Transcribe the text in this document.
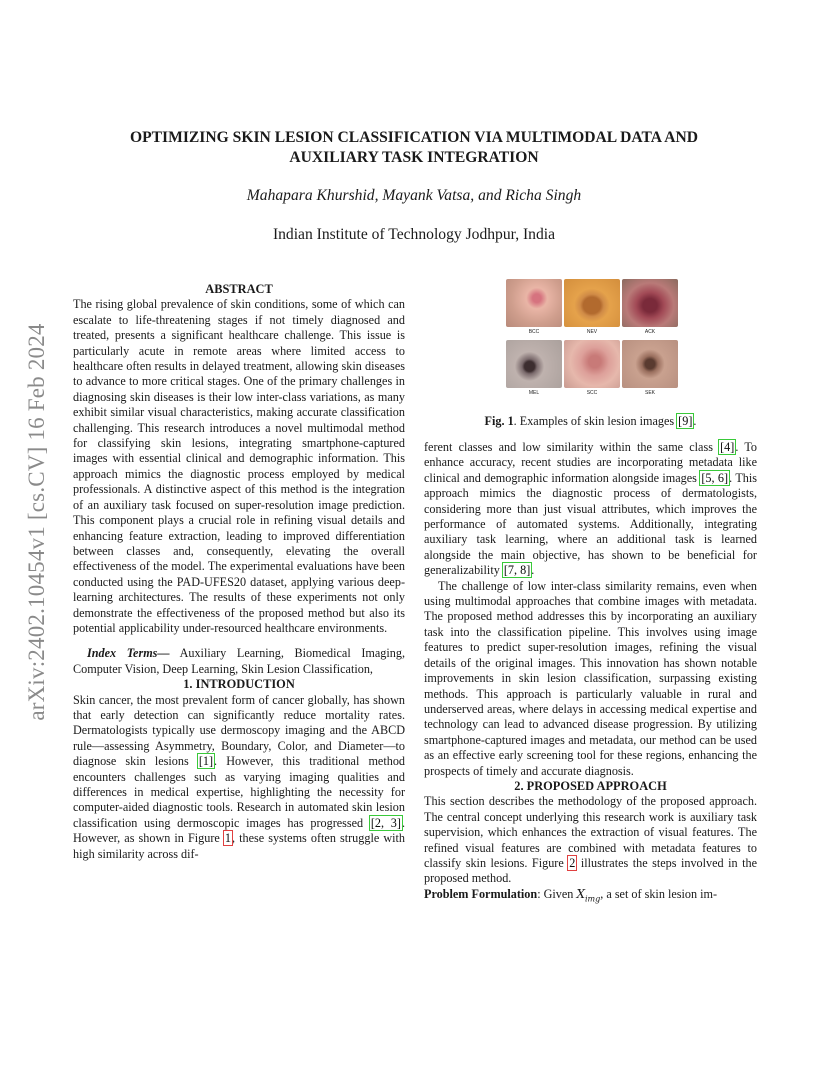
arXiv:2402.10454v1 [cs.CV] 16 Feb 2024
OPTIMIZING SKIN LESION CLASSIFICATION VIA MULTIMODAL DATA AND
AUXILIARY TASK INTEGRATION
Mahapara Khurshid, Mayank Vatsa, and Richa Singh
Indian Institute of Technology Jodhpur, India

ABSTRACT

The rising global prevalence of skin conditions, some of which can escalate to life-threatening stages if not timely diagnosed and treated, presents a significant healthcare challenge. This issue is particularly acute in remote areas where limited access to healthcare often results in delayed treatment, allowing skin diseases to advance to more critical stages. One of the primary challenges in diagnosing skin diseases is their low inter-class variations, as many exhibit similar visual characteristics, making accurate classification challenging. This research introduces a novel multimodal method for classifying skin lesions, integrating smartphone-captured images with essential clinical and demographic information. This approach mimics the diagnostic process employed by medical professionals. A distinctive aspect of this method is the integration of an auxiliary task focused on super-resolution image prediction. This component plays a crucial role in refining visual details and enhancing feature extraction, leading to improved differentiation between classes and, consequently, elevating the overall effectiveness of the model. The experimental evaluations have been conducted using the PAD-UFES20 dataset, applying various deep-learning architectures. The results of these experiments not only demonstrate the effectiveness of the proposed method but also its potential applicability under-resourced healthcare environments.

Index Terms— Auxiliary Learning, Biomedical Imaging, Computer Vision, Deep Learning, Skin Lesion Classification,

1. INTRODUCTION

Skin cancer, the most prevalent form of cancer globally, has shown that early detection can significantly reduce mortality rates. Dermatologists typically use dermoscopy imaging and the ABCD rule—assessing Asymmetry, Boundary, Color, and Diameter—to diagnose skin lesions [1]. However, this traditional method encounters challenges such as varying imaging qualities and differences in medical expertise, highlighting the necessity for computer-aided diagnostic tools. Research in automated skin lesion classification using dermoscopic images has progressed [2, 3]. However, as shown in Figure 1, these systems often struggle with high similarity across dif-

BCC	NEV	ACK
MEL	SCC	SEK
Fig. 1. Examples of skin lesion images [9].

ferent classes and low similarity within the same class [4]. To enhance accuracy, recent studies are incorporating metadata like clinical and demographic information alongside images [5, 6]. This approach mimics the diagnostic process of dermatologists, considering more than just visual attributes, which improves the performance of automated systems. Additionally, integrating auxiliary task learning, where an additional task is learned alongside the main objective, has shown to be beneficial for generalizability [7, 8].

The challenge of low inter-class similarity remains, even when using multimodal approaches that combine images with metadata. The proposed method addresses this by incorporating an auxiliary task into the classification pipeline. This involves using image features to predict super-resolution images, refining the visual details of the original images. This innovation has shown notable improvements in skin lesion classification, surpassing existing methods. This approach is particularly valuable in rural and underserved areas, where delays in accessing medical expertise and technology can lead to advanced disease progression. By utilizing smartphone-captured images and metadata, our method can be used as an effective early screening tool for these regions, enhancing the prospects of timely and accurate diagnosis.

2. PROPOSED APPROACH

This section describes the methodology of the proposed approach. The central concept underlying this research work is auxiliary task supervision, which enhances the extraction of visual features. The refined visual features are combined with metadata features to classify skin lesions. Figure 2 illustrates the steps involved in the proposed method.

Problem Formulation: Given $X_{img}$, a set of skin lesion im-
